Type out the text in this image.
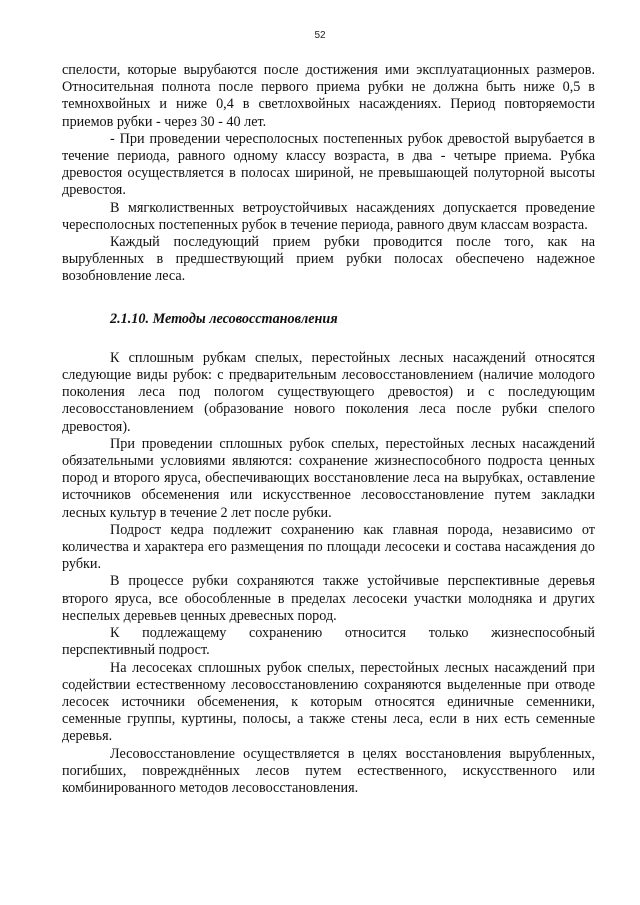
52

спелости, которые вырубаются после достижения ими эксплуатационных размеров. Относительная полнота после первого приема рубки не должна быть ниже 0,5 в темнохвойных и ниже 0,4 в светлохвойных насаждениях. Период повторяемости приемов рубки - через 30 - 40 лет.

- При проведении чересполосных постепенных рубок древостой вырубается в течение периода, равного одному классу возраста, в два - четыре приема. Рубка древостоя осуществляется в полосах шириной, не превышающей полуторной высоты древостоя.

В мягколиственных ветроустойчивых насаждениях допускается проведение чересполосных постепенных рубок в течение периода, равного двум классам возраста.

Каждый последующий прием рубки проводится после того, как на вырубленных в предшествующий прием рубки полосах обеспечено надежное возобновление леса.

2.1.10. Методы лесовосстановления

К сплошным рубкам спелых, перестойных лесных насаждений относятся следующие виды рубок: с предварительным лесовосстановлением (наличие молодого поколения леса под пологом существующего древостоя) и с последующим лесовосстановлением (образование нового поколения леса после рубки спелого древостоя).

При проведении сплошных рубок спелых, перестойных лесных насаждений обязательными условиями являются: сохранение жизнеспособного подроста ценных пород и второго яруса, обеспечивающих восстановление леса на вырубках, оставление источников обсеменения или искусственное лесовосстановление путем закладки лесных культур в течение 2 лет после рубки.

Подрост кедра подлежит сохранению как главная порода, независимо от количества и характера его размещения по площади лесосеки и состава насаждения до рубки.

В процессе рубки сохраняются также устойчивые перспективные деревья второго яруса, все обособленные в пределах лесосеки участки молодняка и других неспелых деревьев ценных древесных пород.

К подлежащему сохранению относится только жизнеспособный перспективный подрост.

На лесосеках сплошных рубок спелых, перестойных лесных насаждений при содействии естественному лесовосстановлению сохраняются выделенные при отводе лесосек источники обсеменения, к которым относятся единичные семенники, семенные группы, куртины, полосы, а также стены леса, если в них есть семенные деревья.

Лесовосстановление осуществляется в целях восстановления вырубленных, погибших, поврежднённых лесов путем естественного, искусственного или комбинированного методов лесовосстановления.
